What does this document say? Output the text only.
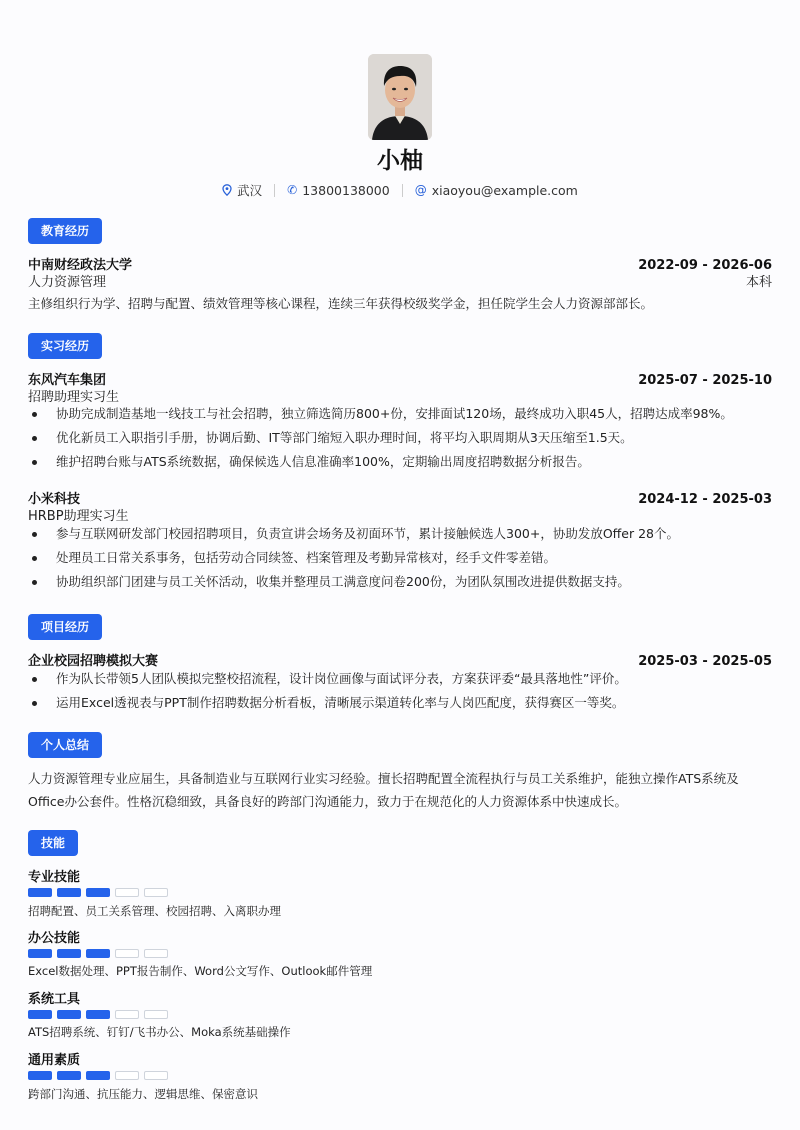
小柚
武汉 ✆ 13800138000 @ xiaoyou@example.com
教育经历
中南财经政法大学	2022-09 - 2026-06
人力资源管理	本科
主修组织行为学、招聘与配置、绩效管理等核心课程，连续三年获得校级奖学金，担任院学生会人力资源部部长。
实习经历
东风汽车集团	2025-07 - 2025-10
招聘助理实习生
协助完成制造基地一线技工与社会招聘，独立筛选简历800+份，安排面试120场，最终成功入职45人，招聘达成率98%。
优化新员工入职指引手册，协调后勤、IT等部门缩短入职办理时间，将平均入职周期从3天压缩至1.5天。
维护招聘台账与ATS系统数据，确保候选人信息准确率100%，定期输出周度招聘数据分析报告。
小米科技	2024-12 - 2025-03
HRBP助理实习生
参与互联网研发部门校园招聘项目，负责宣讲会场务及初面环节，累计接触候选人300+，协助发放Offer 28个。
处理员工日常关系事务，包括劳动合同续签、档案管理及考勤异常核对，经手文件零差错。
协助组织部门团建与员工关怀活动，收集并整理员工满意度问卷200份，为团队氛围改进提供数据支持。
项目经历
企业校园招聘模拟大赛	2025-03 - 2025-05
作为队长带领5人团队模拟完整校招流程，设计岗位画像与面试评分表，方案获评委“最具落地性”评价。
运用Excel透视表与PPT制作招聘数据分析看板，清晰展示渠道转化率与人岗匹配度，获得赛区一等奖。
个人总结
人力资源管理专业应届生，具备制造业与互联网行业实习经验。擅长招聘配置全流程执行与员工关系维护，能独立操作ATS系统及
Office办公套件。性格沉稳细致，具备良好的跨部门沟通能力，致力于在规范化的人力资源体系中快速成长。
技能
专业技能
招聘配置、员工关系管理、校园招聘、入离职办理
办公技能
Excel数据处理、PPT报告制作、Word公文写作、Outlook邮件管理
系统工具
ATS招聘系统、钉钉/飞书办公、Moka系统基础操作
通用素质
跨部门沟通、抗压能力、逻辑思维、保密意识
